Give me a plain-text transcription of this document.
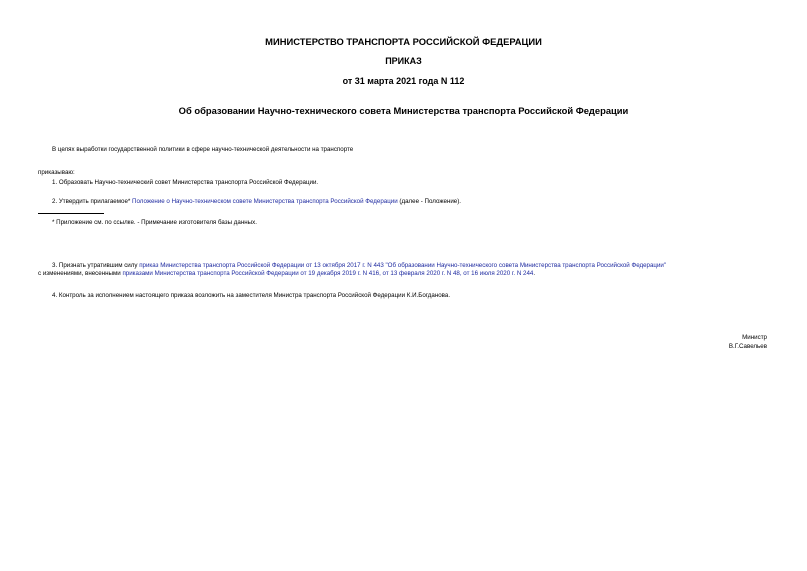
МИНИСТЕРСТВО ТРАНСПОРТА РОССИЙСКОЙ ФЕДЕРАЦИИ
ПРИКАЗ
от 31 марта 2021 года N 112
Об образовании Научно-технического совета Министерства транспорта Российской Федерации
В целях выработки государственной политики в сфере научно-технической деятельности на транспорте
приказываю:
1. Образовать Научно-технический совет Министерства транспорта Российской Федерации.
2. Утвердить прилагаемое* Положение о Научно-техническом совете Министерства транспорта Российской Федерации (далее - Положение).
* Приложение см. по ссылке. - Примечание изготовителя базы данных.
3. Признать утратившим силу приказ Министерства транспорта Российской Федерации от 13 октября 2017 г. N 443 "Об образовании Научно-технического совета Министерства транспорта Российской Федерации"
с изменениями, внесенными приказами Министерства транспорта Российской Федерации от 19 декабря 2019 г. N 416, от 13 февраля 2020 г. N 48, от 16 июля 2020 г. N 244.
4. Контроль за исполнением настоящего приказа возложить на заместителя Министра транспорта Российской Федерации К.И.Богданова.
Министр
В.Г.Савельев
